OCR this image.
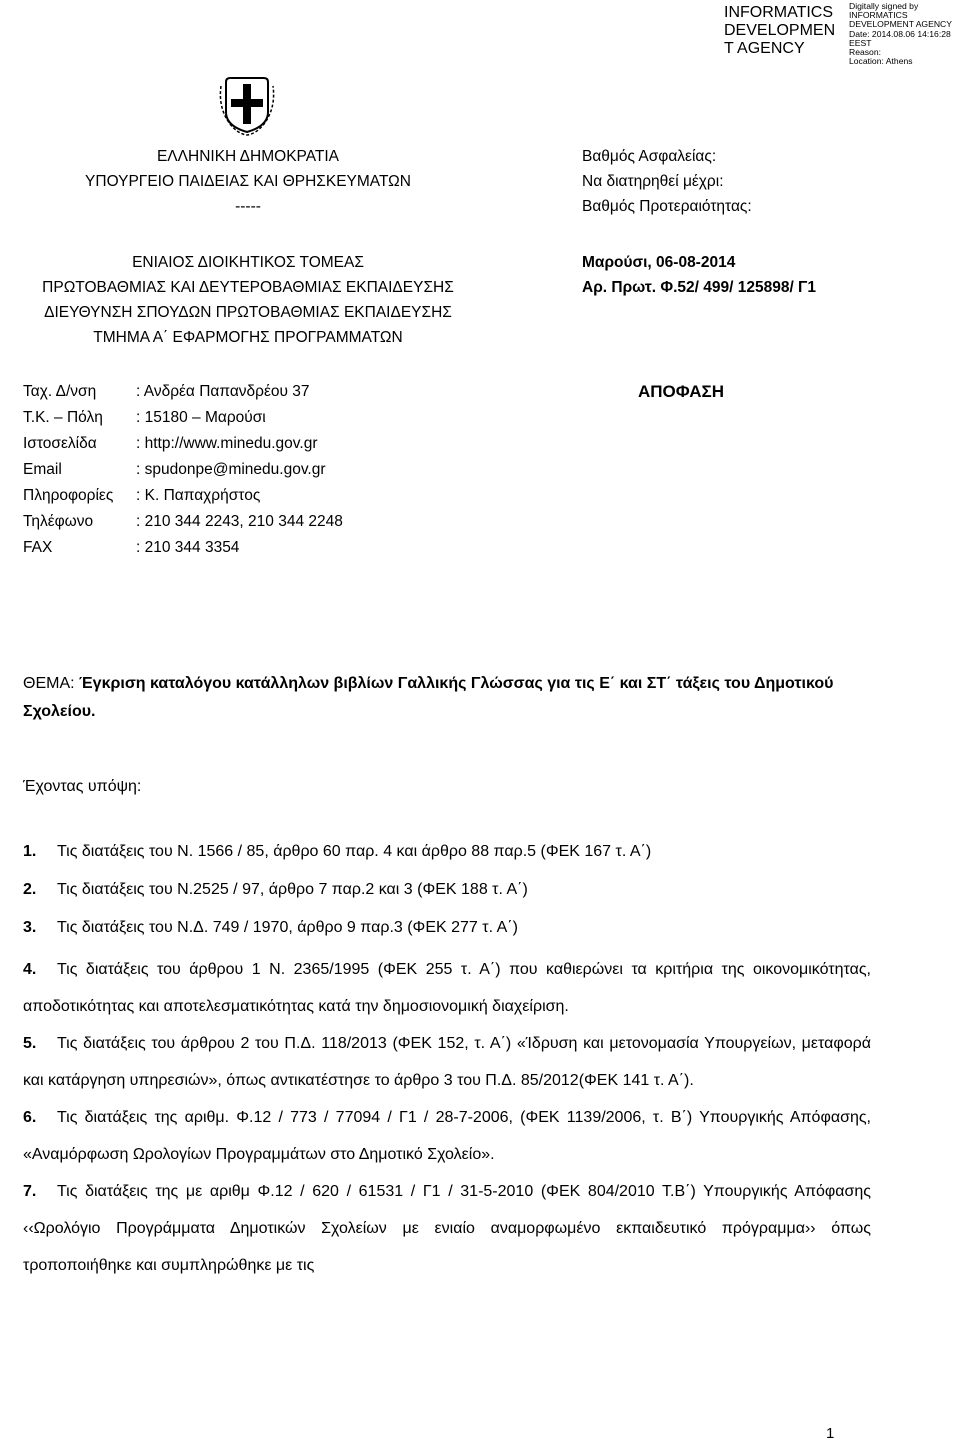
INFORMATICS
DEVELOPMEN
T AGENCY
Digitally signed by
INFORMATICS
DEVELOPMENT AGENCY
Date: 2014.08.06 14:16:28
EEST
Reason:
Location: Athens
ΕΛΛΗΝΙΚΗ ΔΗΜΟΚΡΑΤΙΑ
ΥΠΟΥΡΓΕΙΟ ΠΑΙΔΕΙΑΣ ΚΑΙ ΘΡΗΣΚΕΥΜΑΤΩΝ
-----
ΕΝΙΑΙΟΣ ΔΙΟΙΚΗΤΙΚΟΣ ΤΟΜΕΑΣ
ΠΡΩΤΟΒΑΘΜΙΑΣ ΚΑΙ ΔΕΥΤΕΡΟΒΑΘΜΙΑΣ ΕΚΠΑΙΔΕΥΣΗΣ
ΔΙΕΥΘΥΝΣΗ ΣΠΟΥΔΩΝ ΠΡΩΤΟΒΑΘΜΙΑΣ ΕΚΠΑΙΔΕΥΣΗΣ
ΤΜΗΜΑ Α΄ ΕΦΑΡΜΟΓΗΣ ΠΡΟΓΡΑΜΜΑΤΩΝ
Βαθμός Ασφαλείας:
Να διατηρηθεί μέχρι:
Βαθμός Προτεραιότητας:
Μαρούσι, 06-08-2014
Αρ. Πρωτ. Φ.52/ 499/ 125898/ Γ1
Ταχ. Δ/νση	: Ανδρέα Παπανδρέου 37
Τ.Κ. – Πόλη	: 15180 – Μαρούσι
Ιστοσελίδα	: http://www.minedu.gov.gr
Email	: spudonpe@minedu.gov.gr
Πληροφορίες	: Κ. Παπαχρήστος
Τηλέφωνο	: 210 344 2243, 210 344 2248
FAX	: 210 344 3354
ΑΠΟΦΑΣΗ
ΘΕΜΑ: Έγκριση καταλόγου κατάλληλων βιβλίων Γαλλικής Γλώσσας για τις Ε΄ και ΣΤ΄ τάξεις του Δημοτικού Σχολείου.
Έχοντας υπόψη:
1. Τις διατάξεις του Ν. 1566 / 85, άρθρο 60 παρ. 4 και άρθρο 88 παρ.5 (ΦΕΚ 167 τ. Α΄)
2. Τις διατάξεις του Ν.2525 / 97, άρθρο 7 παρ.2 και 3 (ΦΕΚ 188 τ. Α΄)
3. Τις διατάξεις του Ν.Δ. 749 / 1970, άρθρο 9 παρ.3 (ΦΕΚ 277 τ. Α΄)
4. Τις διατάξεις του άρθρου 1 Ν. 2365/1995 (ΦΕΚ 255 τ. Α΄) που καθιερώνει τα κριτήρια της οικονομικότητας, αποδοτικότητας και αποτελεσματικότητας κατά την δημοσιονομική διαχείριση.
5. Τις διατάξεις του άρθρου 2 του Π.Δ. 118/2013 (ΦΕΚ 152, τ. Α΄) «Ίδρυση και μετονομασία Υπουργείων, μεταφορά και κατάργηση υπηρεσιών», όπως αντικατέστησε το άρθρο 3 του Π.Δ. 85/2012(ΦΕΚ 141 τ. Α΄).
6. Τις διατάξεις της αριθμ. Φ.12 / 773 / 77094 / Γ1 / 28-7-2006, (ΦΕΚ 1139/2006, τ. Β΄) Υπουργικής Απόφασης, «Αναμόρφωση Ωρολογίων Προγραμμάτων στο Δημοτικό Σχολείο».
7. Τις διατάξεις της με αριθμ Φ.12 / 620 / 61531 / Γ1 / 31-5-2010 (ΦΕΚ 804/2010 Τ.Β΄) Υπουργικής Απόφασης ‹‹Ωρολόγιο Προγράμματα Δημοτικών Σχολείων με ενιαίο αναμορφωμένο εκπαιδευτικό πρόγραμμα›› όπως τροποποιήθηκε και συμπληρώθηκε με τις
1
